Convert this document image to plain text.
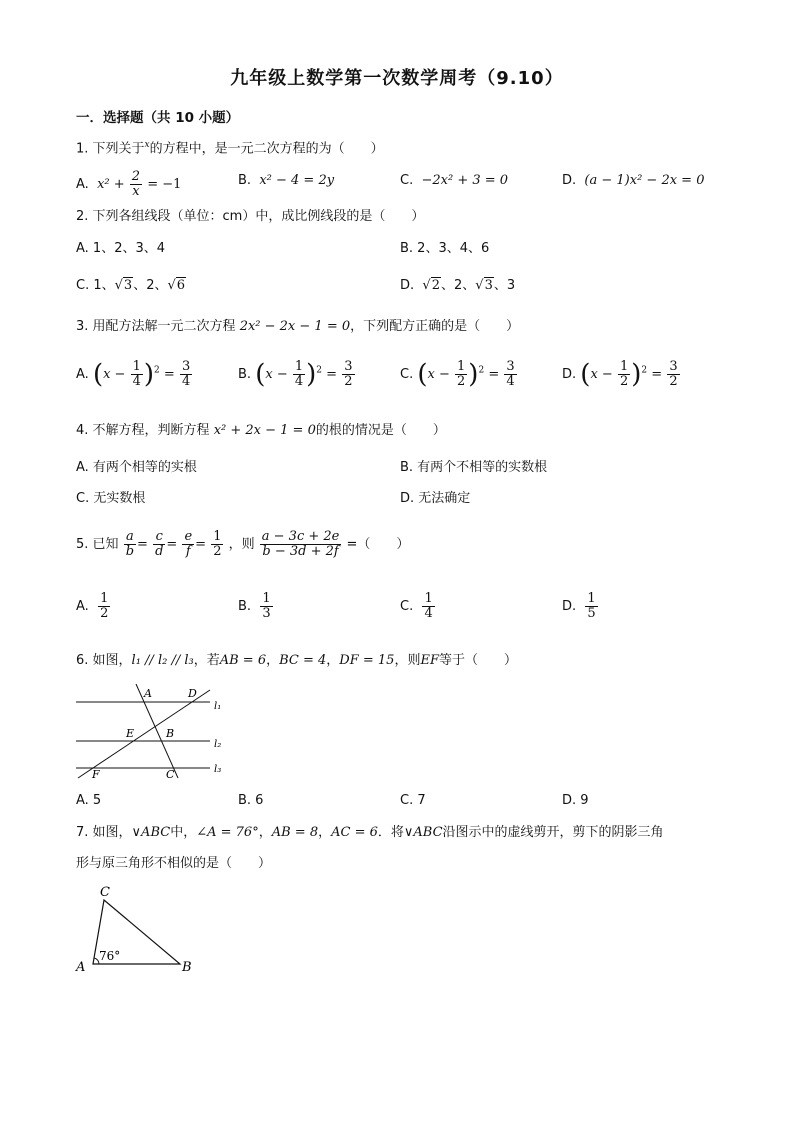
九年级上数学第一次数学周考（9.10）
一．选择题（共 10 小题）
1. 下列关于$^x$的方程中，是一元二次方程的为（　　）
A. $x^2 + \frac{2}{x} = -1$	B. x² − 4 = 2y	C. −2x² + 3 = 0	D. (a − 1)x² − 2x = 0
2. 下列各组线段（单位：cm）中，成比例线段的是（　　）
A. 1、2、3、4	B. 2、3、4、6
C. 1、√3、2、√6	D. √2、2、√3、3
3. 用配方法解一元二次方程 2x² − 2x − 1 = 0，下列配方正确的是（　　）
A. $(x - \frac{1}{4} )^2 = \frac{3}{4}$	B. $(x - \frac{1}{4} )^2 = \frac{3}{2}$	C. $(x - \frac{1}{2} )^2 = \frac{3}{4}$	D. $(x - \frac{1}{2} )^2 = \frac{3}{2}$
4. 不解方程，判断方程 x² + 2x − 1 = 0的根的情况是（　　）
A. 有两个相等的实根	B. 有两个不相等的实数根
C. 无实数根	D. 无法确定
5. 已知 $\frac{a}{b} = \frac{c}{d} = \frac{e}{f} = \frac{1}{2}$ ，则 $\frac{a - 3c + 2e}{b - 3d + 2f}$ =（　　）
A. $\frac{1}{2}$	B. $\frac{1}{3}$	C. $\frac{1}{4}$	D. $\frac{1}{5}$
6. 如图，l₁ // l₂ // l₃，若AB = 6，BC = 4，DF = 15，则EF等于（　　）
A	D
E	B
F	C
l₁
l₂
l₃
A. 5	B. 6	C. 7	D. 9
7. 如图，∨ABC中，∠A = 76°，AB = 8，AC = 6．将∨ABC沿图示中的虚线剪开，剪下的阴影三角
形与原三角形不相似的是（　　）
C
A	B
76°
